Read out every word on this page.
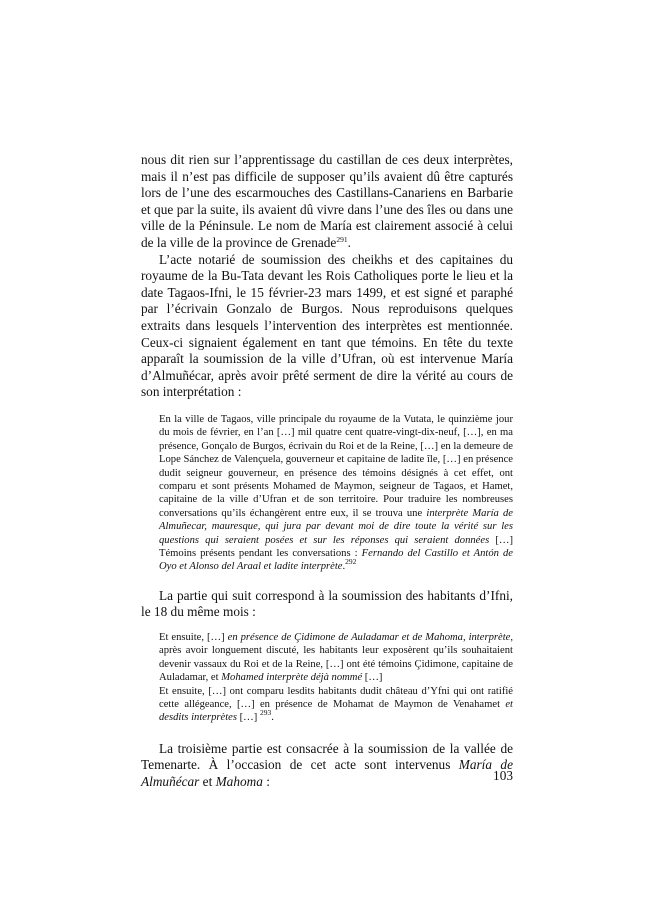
nous dit rien sur l’apprentissage du castillan de ces deux interprètes, mais il n’est pas difficile de supposer qu’ils avaient dû être capturés lors de l’une des escarmouches des Castillans-Canariens en Barbarie et que par la suite, ils avaient dû vivre dans l’une des îles ou dans une ville de la Péninsule. Le nom de María est clairement associé à celui de la ville de la province de Grenade$^{291}$.

L’acte notarié de soumission des cheikhs et des capitaines du royaume de la Bu-Tata devant les Rois Catholiques porte le lieu et la date Tagaos-Ifni, le 15 février-23 mars 1499, et est signé et paraphé par l’écrivain Gonzalo de Burgos. Nous reproduisons quelques extraits dans lesquels l’intervention des interprètes est mentionnée. Ceux-ci signaient également en tant que témoins. En tête du texte apparaît la soumission de la ville d’Ufran, où est intervenue María d’Almuñécar, après avoir prêté serment de dire la vérité au cours de son interprétation :

En la ville de Tagaos, ville principale du royaume de la Vutata, le quinzième jour du mois de février, en l’an […] mil quatre cent quatre-vingt-dix-neuf, […], en ma présence, Gonçalo de Burgos, écrivain du Roi et de la Reine, […] en la demeure de Lope Sánchez de Valençuela, gouverneur et capitaine de ladite île, […] en présence dudit seigneur gouverneur, en présence des témoins désignés à cet effet, ont comparu et sont présents Mohamed de Maymon, seigneur de Tagaos, et Hamet, capitaine de la ville d’Ufran et de son territoire. Pour traduire les nombreuses conversations qu’ils échangèrent entre eux, il se trouva une interprète María de Almuñecar, mauresque, qui jura par devant moi de dire toute la vérité sur les questions qui seraient posées et sur les réponses qui seraient données […] Témoins présents pendant les conversations : Fernando del Castillo et Antón de Oyo et Alonso del Araal et ladite interprète.$^{292}$

La partie qui suit correspond à la soumission des habitants d’Ifni, le 18 du même mois :

Et ensuite, […] en présence de Çidimone de Auladamar et de Mahoma, interprète, après avoir longuement discuté, les habitants leur exposèrent qu’ils souhaitaient devenir vassaux du Roi et de la Reine, […] ont été témoins Çidimone, capitaine de Auladamar, et Mohamed interprète déjà nommé […]

Et ensuite, […] ont comparu lesdits habitants dudit château d’Yfni qui ont ratifié cette allégeance, […] en présence de Mohamat de Maymon de Venahamet et desdits interprètes […] $^{293}$.

La troisième partie est consacrée à la soumission de la vallée de Temenarte. À l’occasion de cet acte sont intervenus María de Almuñécar et Mahoma :	103
